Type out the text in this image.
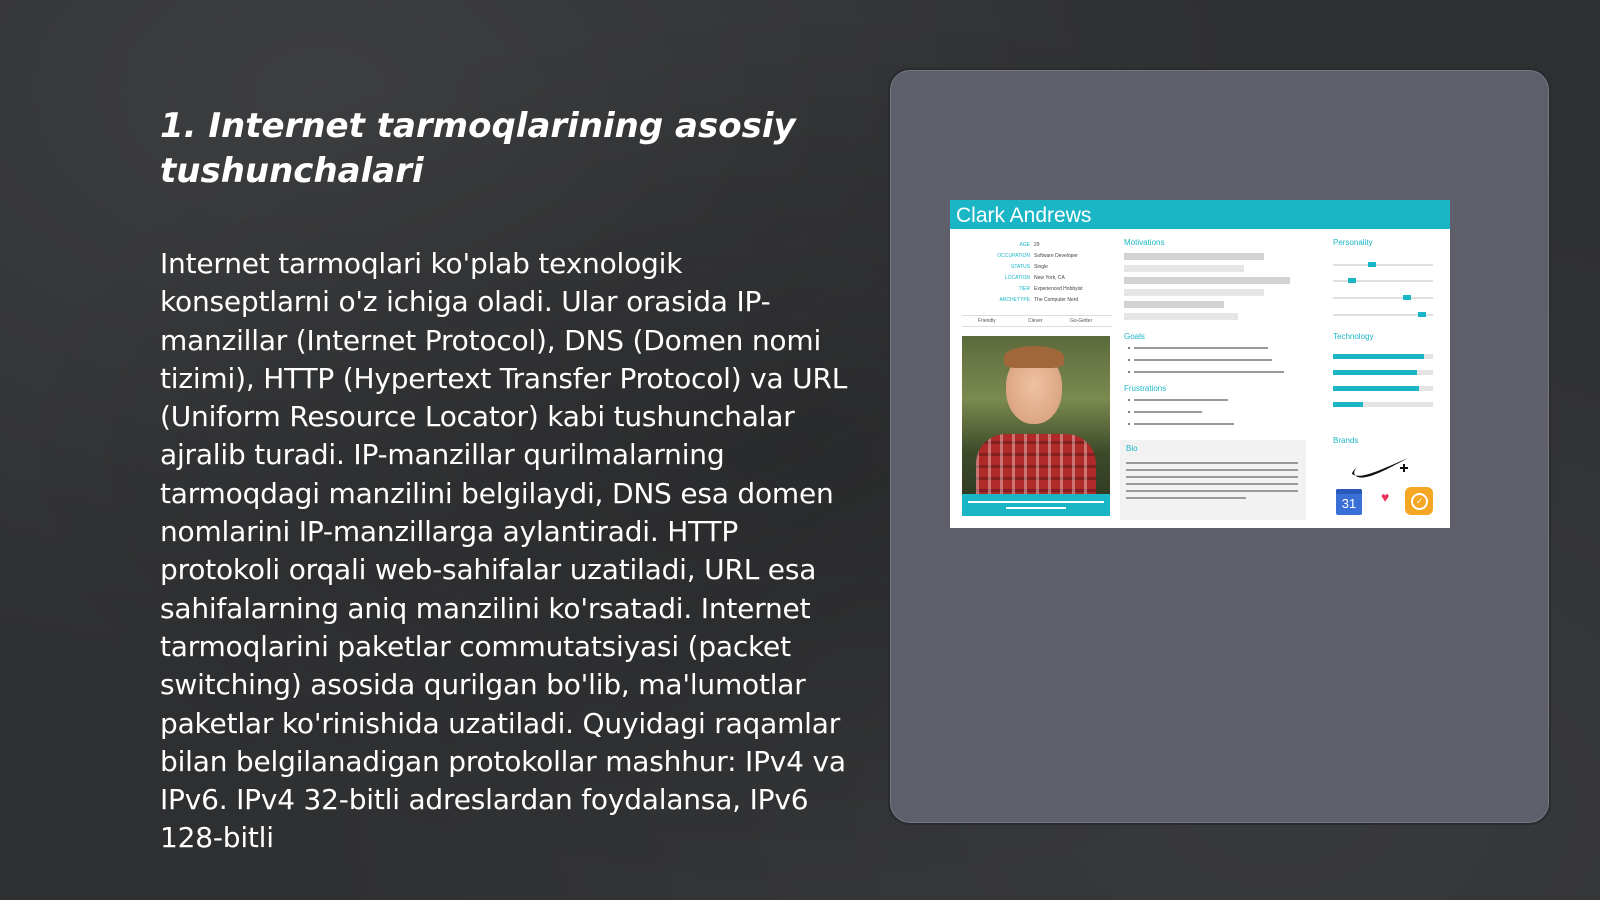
1. Internet tarmoqlarining asosiy tushunchalari

Internet tarmoqlari ko'plab texnologik konseptlarni o'z ichiga oladi. Ular orasida IP-manzillar (Internet Protocol), DNS (Domen nomi tizimi), HTTP (Hypertext Transfer Protocol) va URL (Uniform Resource Locator) kabi tushunchalar ajralib turadi. IP-manzillar qurilmalarning tarmoqdagi manzilini belgilaydi, DNS esa domen nomlarini IP-manzillarga aylantiradi. HTTP protokoli orqali web-sahifalar uzatiladi, URL esa sahifalarning aniq manzilini ko'rsatadi. Internet tarmoqlarini paketlar commutatsiyasi (packet switching) asosida qurilgan bo'lib, ma'lumotlar paketlar ko'rinishida uzatiladi. Quyidagi raqamlar bilan belgilanadigan protokollar mashhur: IPv4 va IPv6. IPv4 32-bitli adreslardan foydalansa, IPv6 128-bitli

Clark Andrews
AGE 29
OCCUPATION Software Developer
STATUS Single
LOCATION New York, CA
TIER Experienced Hobbyist
ARCHETYPE The Computer Nerd
Friendly	Clever	Go-Getter
Motivations
Goals
Frustrations
Bio
Personality
Technology
Brands
31	♥	✓
